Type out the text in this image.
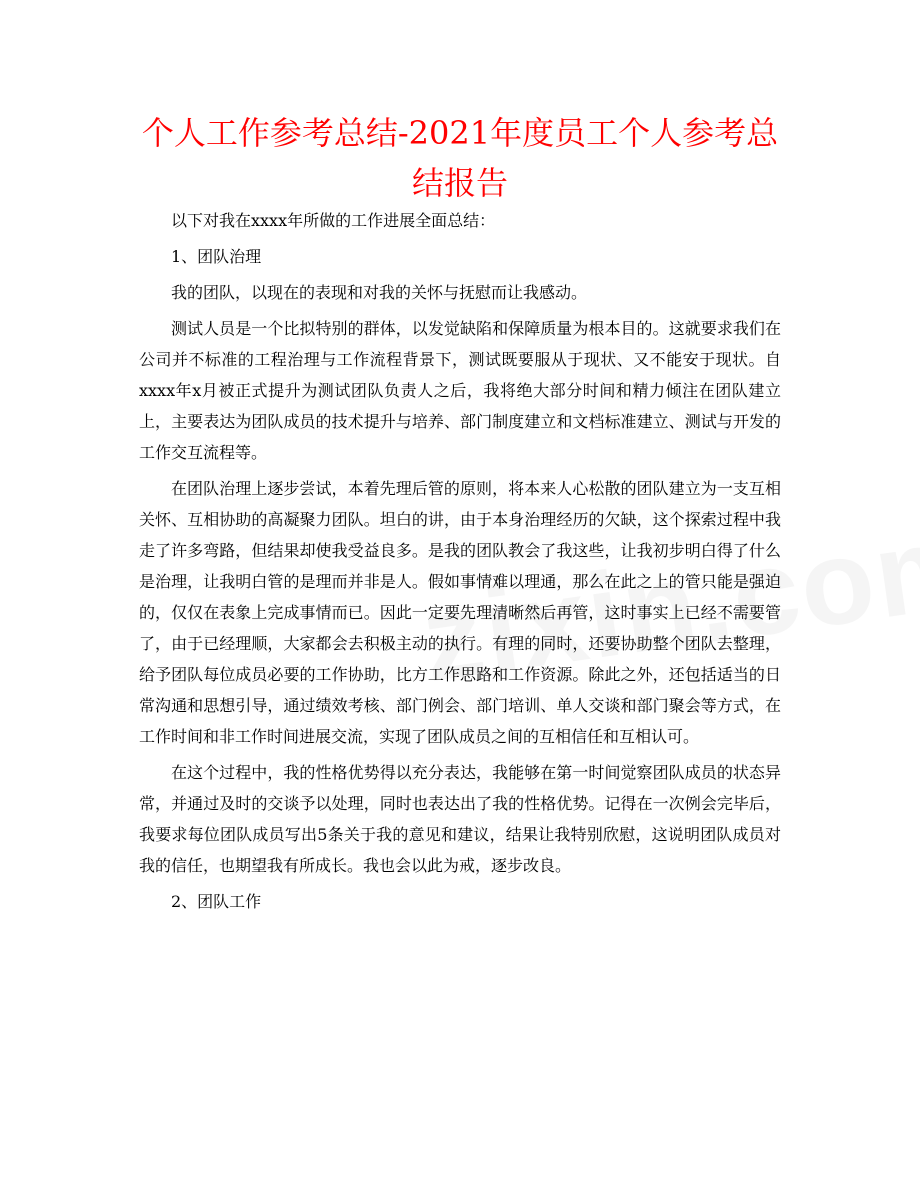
个人工作参考总结-2021年度员工个人参考总结报告

以下对我在xxxx年所做的工作进展全面总结：

1、团队治理

我的团队，以现在的表现和对我的关怀与抚慰而让我感动。

测试人员是一个比拟特别的群体，以发觉缺陷和保障质量为根本目的。这就要求我们在公司并不标准的工程治理与工作流程背景下，测试既要服从于现状、又不能安于现状。自xxxx年x月被正式提升为测试团队负责人之后，我将绝大部分时间和精力倾注在团队建立上，主要表达为团队成员的技术提升与培养、部门制度建立和文档标准建立、测试与开发的工作交互流程等。

在团队治理上逐步尝试，本着先理后管的原则，将本来人心松散的团队建立为一支互相关怀、互相协助的高凝聚力团队。坦白的讲，由于本身治理经历的欠缺，这个探索过程中我走了许多弯路，但结果却使我受益良多。是我的团队教会了我这些，让我初步明白得了什么是治理，让我明白管的是理而并非是人。假如事情难以理通，那么在此之上的管只能是强迫的，仅仅在表象上完成事情而已。因此一定要先理清晰然后再管，这时事实上已经不需要管了，由于已经理顺，大家都会去积极主动的执行。有理的同时，还要协助整个团队去整理，给予团队每位成员必要的工作协助，比方工作思路和工作资源。除此之外，还包括适当的日常沟通和思想引导，通过绩效考核、部门例会、部门培训、单人交谈和部门聚会等方式，在工作时间和非工作时间进展交流，实现了团队成员之间的互相信任和互相认可。

在这个过程中，我的性格优势得以充分表达，我能够在第一时间觉察团队成员的状态异常，并通过及时的交谈予以处理，同时也表达出了我的性格优势。记得在一次例会完毕后，我要求每位团队成员写出5条关于我的意见和建议，结果让我特别欣慰，这说明团队成员对我的信任，也期望我有所成长。我也会以此为戒，逐步改良。

2、团队工作
